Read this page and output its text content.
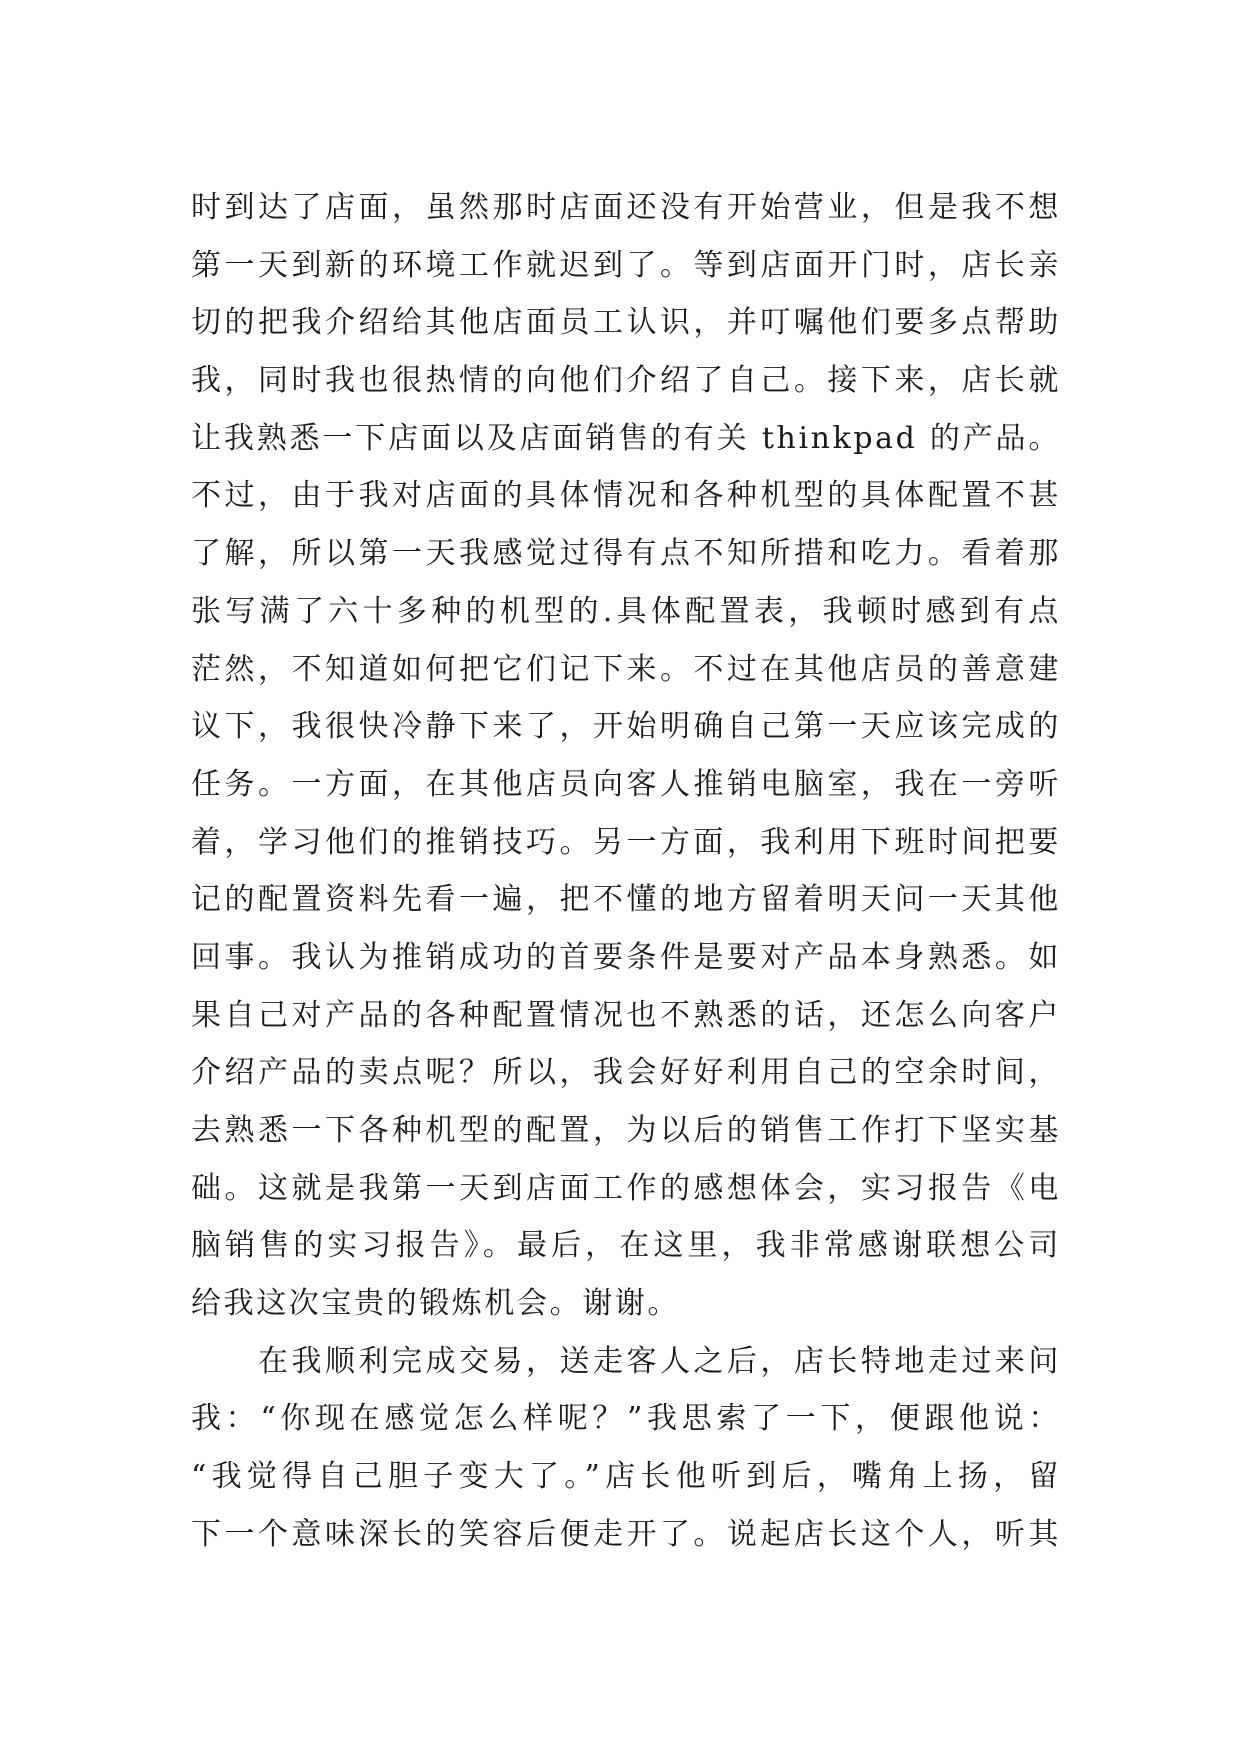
时到达了店面，虽然那时店面还没有开始营业，但是我不想
第一天到新的环境工作就迟到了。等到店面开门时，店长亲
切的把我介绍给其他店面员工认识，并叮嘱他们要多点帮助
我，同时我也很热情的向他们介绍了自己。接下来，店长就
让我熟悉一下店面以及店面销售的有关 thinkpad 的产品。
不过，由于我对店面的具体情况和各种机型的具体配置不甚
了解，所以第一天我感觉过得有点不知所措和吃力。看着那
张写满了六十多种的机型的.具体配置表，我顿时感到有点
茫然，不知道如何把它们记下来。不过在其他店员的善意建
议下，我很快冷静下来了，开始明确自己第一天应该完成的
任务。一方面，在其他店员向客人推销电脑室，我在一旁听
着，学习他们的推销技巧。另一方面，我利用下班时间把要
记的配置资料先看一遍，把不懂的地方留着明天问一天其他
回事。我认为推销成功的首要条件是要对产品本身熟悉。如
果自己对产品的各种配置情况也不熟悉的话，还怎么向客户
介绍产品的卖点呢？所以，我会好好利用自己的空余时间，
去熟悉一下各种机型的配置，为以后的销售工作打下坚实基
础。这就是我第一天到店面工作的感想体会，实习报告《电
脑销售的实习报告》。最后，在这里，我非常感谢联想公司
给我这次宝贵的锻炼机会。谢谢。
在我顺利完成交易，送走客人之后，店长特地走过来问
我：“你现在感觉怎么样呢？”我思索了一下，便跟他说：
“我觉得自己胆子变大了。”店长他听到后，嘴角上扬，留
下一个意味深长的笑容后便走开了。说起店长这个人，听其
